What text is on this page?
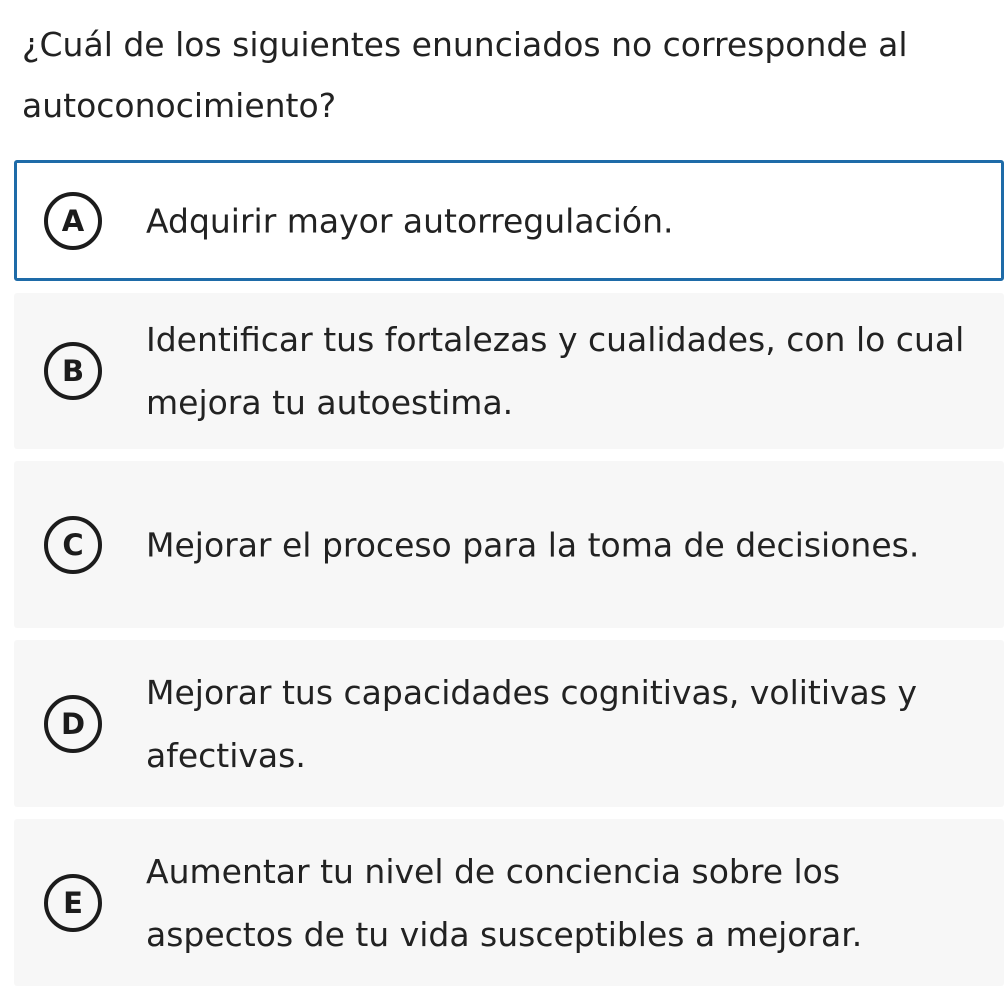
¿Cuál de los siguientes enunciados no corresponde al autoconocimiento?
A	Adquirir mayor autorregulación.
B
Identificar tus fortalezas y cualidades, con lo cual mejora tu autoestima.
C	Mejorar el proceso para la toma de decisiones.
D
Mejorar tus capacidades cognitivas, volitivas y afectivas.
E
Aumentar tu nivel de conciencia sobre los aspectos de tu vida susceptibles a mejorar.
